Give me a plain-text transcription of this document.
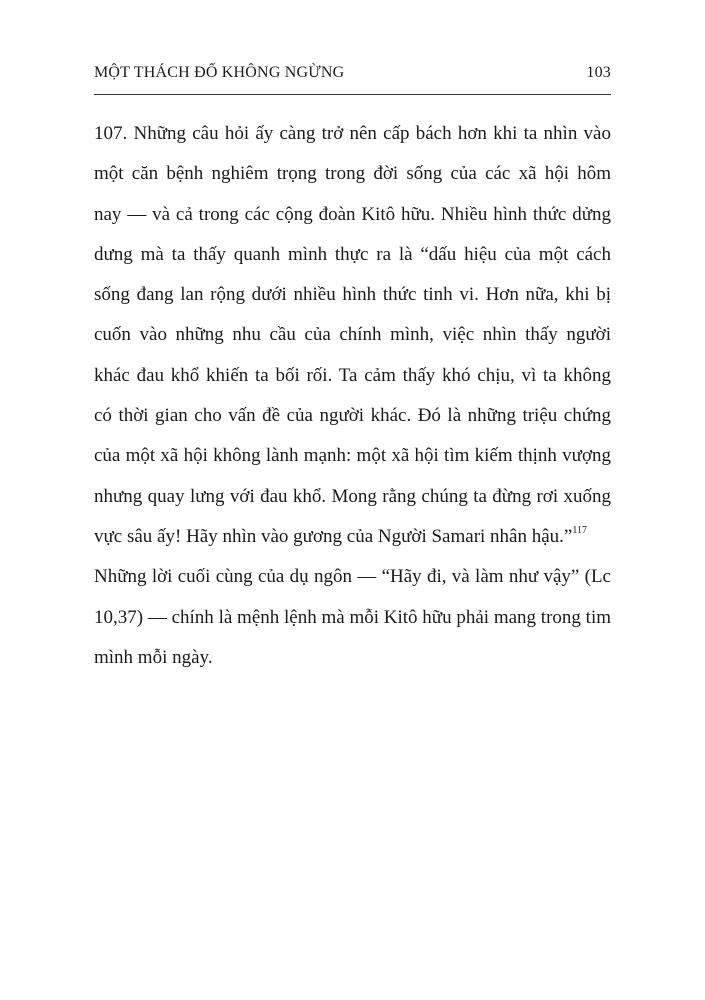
MỘT THÁCH ĐỐ KHÔNG NGỪNG	103
107. Những câu hỏi ấy càng trở nên cấp bách hơn khi ta nhìn vào
một căn bệnh nghiêm trọng trong đời sống của các xã hội hôm
nay — và cả trong các cộng đoàn Kitô hữu. Nhiều hình thức dửng
dưng mà ta thấy quanh mình thực ra là “dấu hiệu của một cách
sống đang lan rộng dưới nhiều hình thức tinh vi. Hơn nữa, khi bị
cuốn vào những nhu cầu của chính mình, việc nhìn thấy người
khác đau khổ khiến ta bối rối. Ta cảm thấy khó chịu, vì ta không
có thời gian cho vấn đề của người khác. Đó là những triệu chứng
của một xã hội không lành mạnh: một xã hội tìm kiếm thịnh vượng
nhưng quay lưng với đau khổ. Mong rằng chúng ta đừng rơi xuống
vực sâu ấy! Hãy nhìn vào gương của Người Samari nhân hậu.”$^{117}$
Những lời cuối cùng của dụ ngôn — “Hãy đi, và làm như vậy” (Lc
10,37) — chính là mệnh lệnh mà mỗi Kitô hữu phải mang trong tim
mình mỗi ngày.
